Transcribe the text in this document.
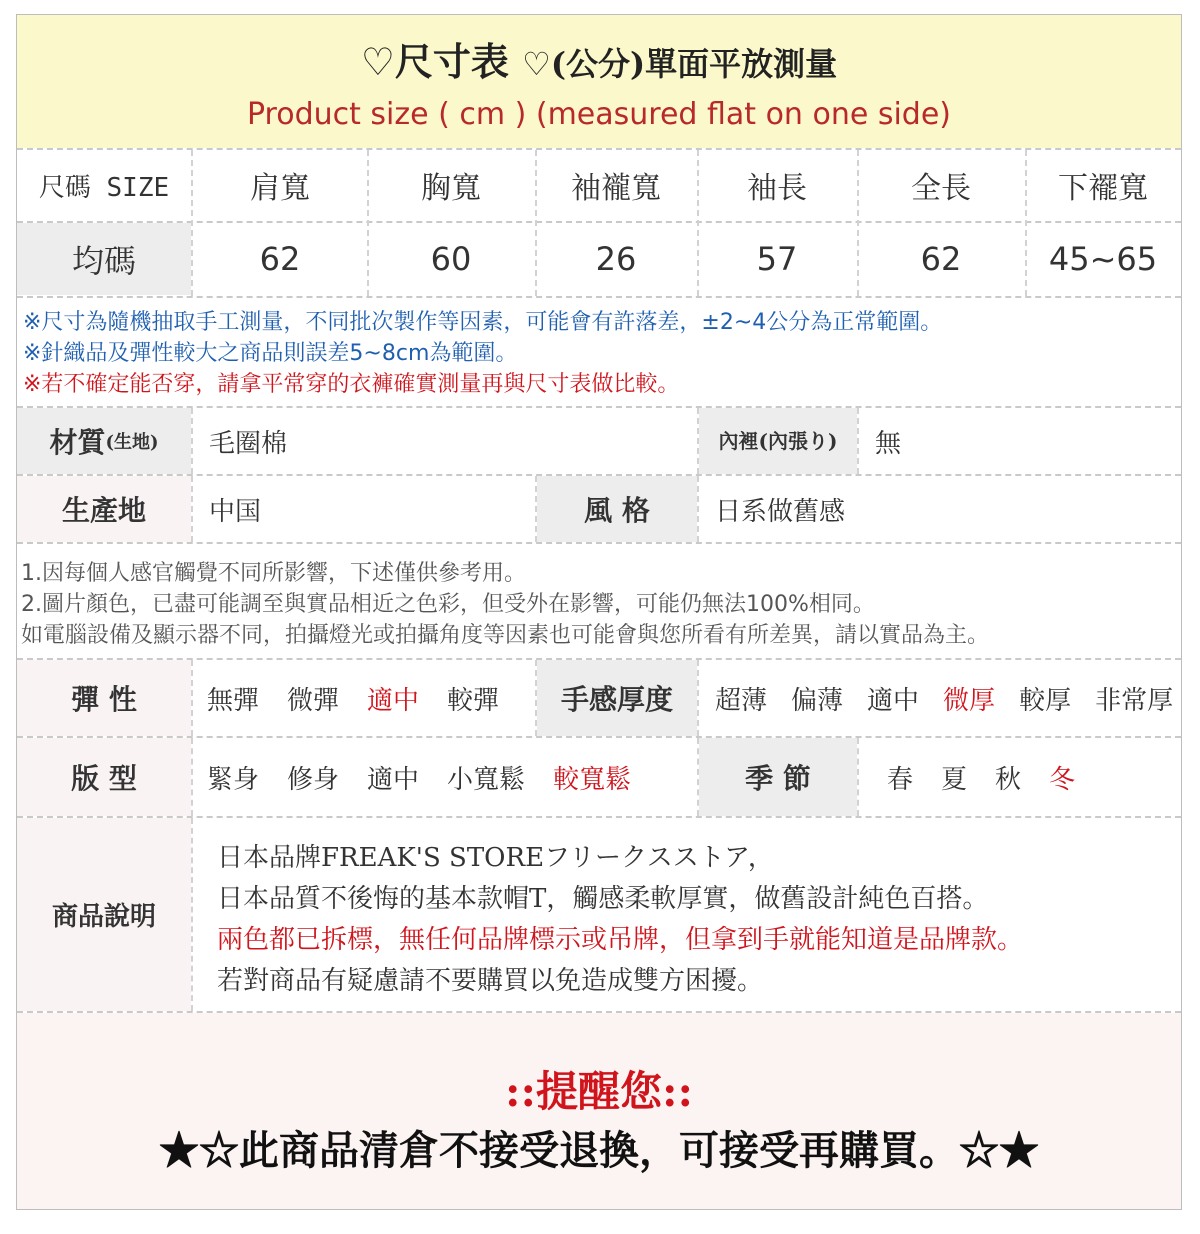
♡尺寸表 ♡(公分)單面平放測量
Product size ( cm ) (measured flat on one side)
尺碼 SIZE	肩寬	胸寬	袖襱寬	袖長	全長	下襬寬
均碼	62	60	26	57	62	45~65
※尺寸為隨機抽取手工測量，不同批次製作等因素，可能會有許落差，±2~4公分為正常範圍。
※針織品及彈性較大之商品則誤差5~8cm為範圍。
※若不確定能否穿，請拿平常穿的衣褲確實測量再與尺寸表做比較。
材質 (生地)	毛圈棉	內裡(內張り)	無
生產地	中国	風 格	日系做舊感
1.因每個人感官觸覺不同所影響，下述僅供參考用。
2.圖片顏色，已盡可能調至與實品相近之色彩，但受外在影響，可能仍無法100%相同。
如電腦設備及顯示器不同，拍攝燈光或拍攝角度等因素也可能會與您所看有所差異，請以實品為主。
彈 性	無彈 微彈 適中 較彈	手感厚度	超薄 偏薄 適中 微厚 較厚 非常厚
版 型	緊身 修身 適中 小寬鬆 較寬鬆	季 節	春 夏 秋 冬
商品說明
日本品牌FREAK'S STOREフリークスストア，
日本品質不後悔的基本款帽T，觸感柔軟厚實，做舊設計純色百搭。
兩色都已拆標，無任何品牌標示或吊牌，但拿到手就能知道是品牌款。
若對商品有疑慮請不要購買以免造成雙方困擾。
::提醒您::
★☆此商品清倉不接受退換，可接受再購買。☆★
